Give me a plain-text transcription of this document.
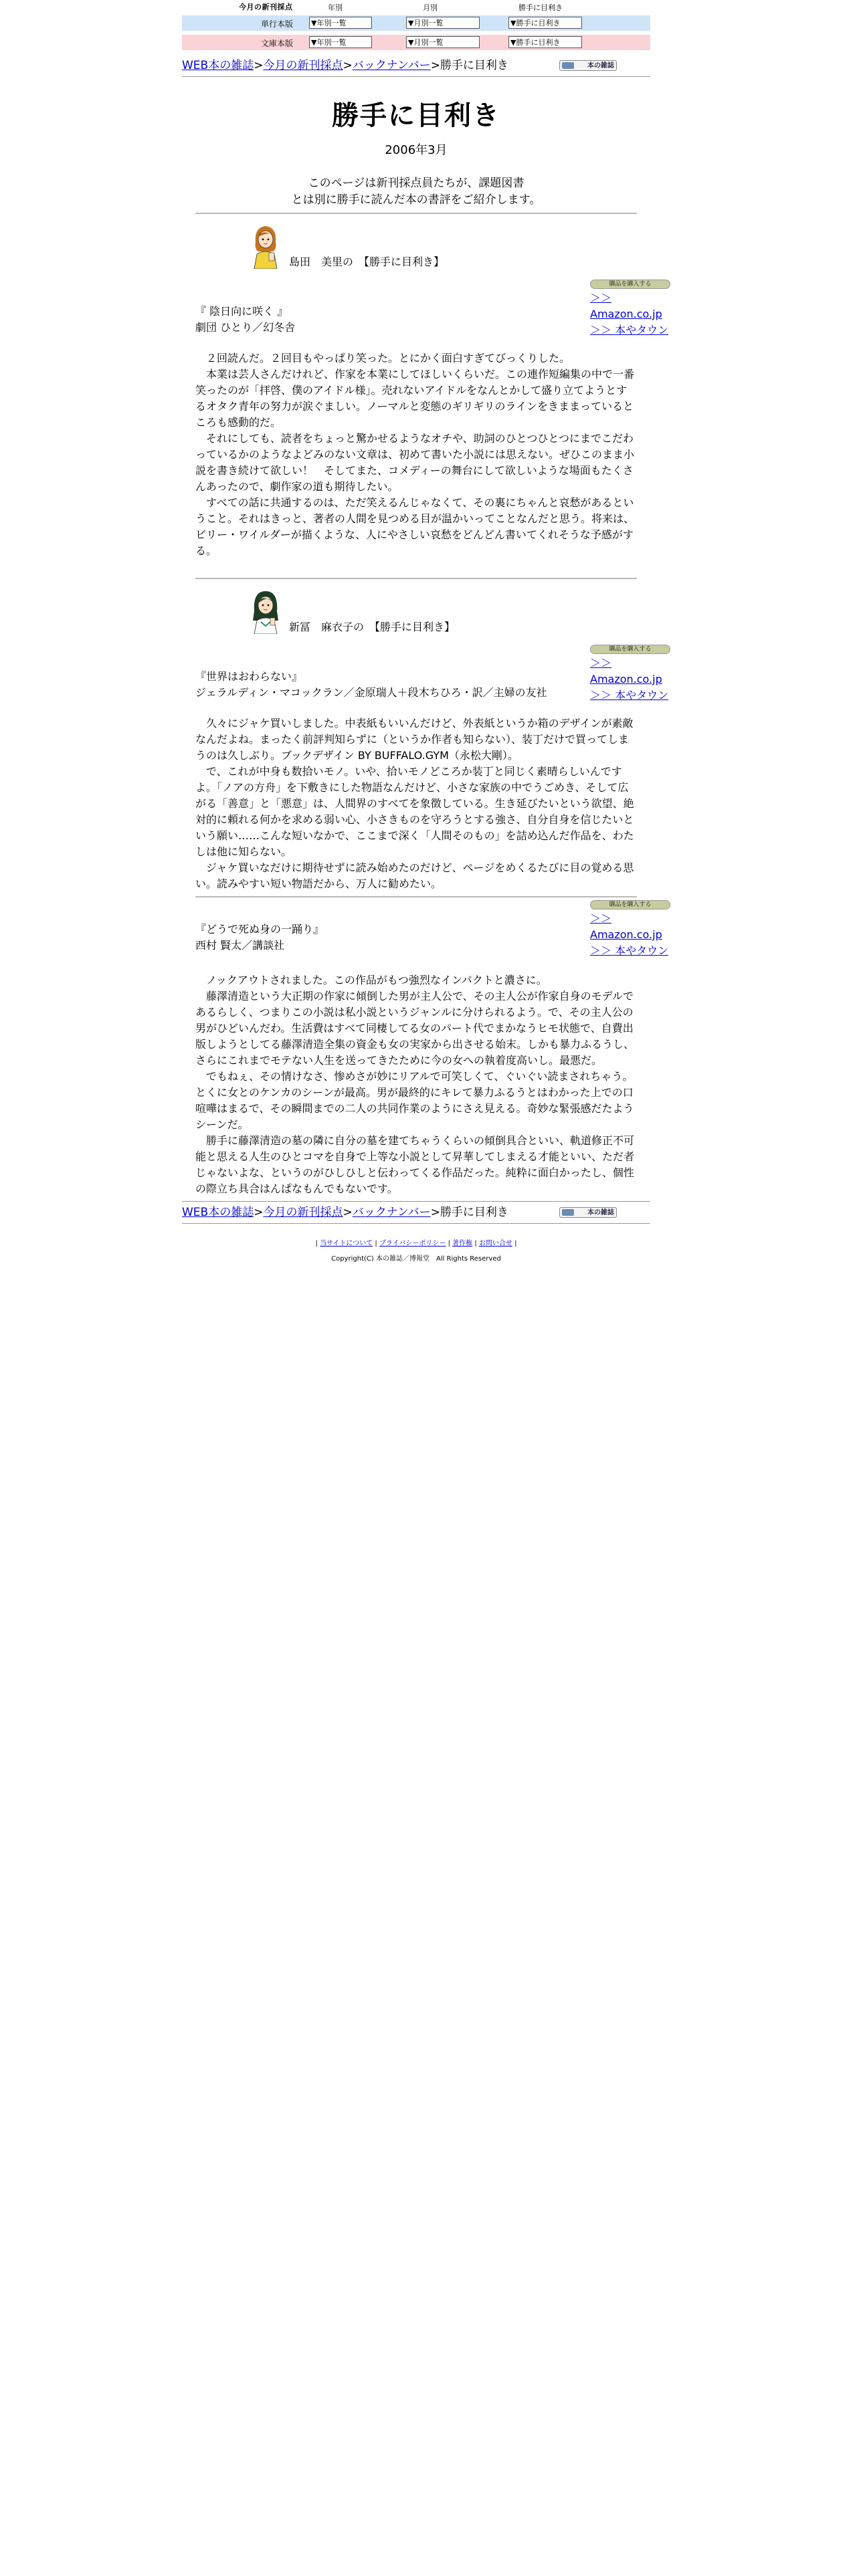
今月の新刊採点	年別	月別	勝手に目利き
単行本版 ▼年別一覧	▼月別一覧	▼勝手に目利き
文庫本版 ▼年別一覧	▼月別一覧	▼勝手に目利き
WEB本の雑誌>今月の新刊採点>バックナンバー>勝手に目利き	本の雑誌
勝手に目利き
2006年3月
このページは新刊採点員たちが、課題図書
とは別に勝手に読んだ本の書評をご紹介します。
島田　美里の　【勝手に目利き】
『 陰日向に咲く 』
劇団 ひとり／幻冬舎
購品を購入する
＞＞ Amazon.co.jp
＞＞ 本やタウン

２回読んだ。２回目もやっぱり笑った。とにかく面白すぎてびっくりした。

本業は芸人さんだけれど、作家を本業にしてほしいくらいだ。この連作短編集の中で一番笑ったのが「拝啓、僕のアイドル様」。売れないアイドルをなんとかして盛り立てようとするオタク青年の努力が涙ぐましい。ノーマルと変態のギリギリのラインをきままっているところも感動的だ。

それにしても、読者をちょっと驚かせるようなオチや、助詞のひとつひとつにまでこだわっているかのようなよどみのない文章は、初めて書いた小説には思えない。ぜひこのまま小説を書き続けて欲しい！　そしてまた、コメディーの舞台にして欲しいような場面もたくさんあったので、劇作家の道も期待したい。

すべての話に共通するのは、ただ笑えるんじゃなくて、その裏にちゃんと哀愁があるということ。それはきっと、著者の人間を見つめる目が温かいってことなんだと思う。将来は、ビリー・ワイルダーが描くような、人にやさしい哀愁をどんどん書いてくれそうな予感がする。

新冨　麻衣子の　【勝手に目利き】
『世界はおわらない』
ジェラルディン・マコックラン／金原瑞人＋段木ちひろ・訳／主婦の友社
購品を購入する
＞＞ Amazon.co.jp
＞＞ 本やタウン

久々にジャケ買いしました。中表紙もいいんだけど、外表紙というか箱のデザインが素敵なんだよね。まったく前評判知らずに（というか作者も知らない）、装丁だけで買ってしまうのは久しぶり。ブックデザイン BY BUFFALO.GYM（永松大剛）。

で、これが中身も数拾いモノ。いや、拾いモノどころか装丁と同じく素晴らしいんですよ。「ノアの方舟」を下敷きにした物語なんだけど、小さな家族の中でうごめき、そして広がる「善意」と「悪意」は、人間界のすべてを象徴している。生き延びたいという欲望、絶対的に頼れる何かを求める弱い心、小さきものを守ろうとする強さ、自分自身を信じたいという願い……こんな短いなかで、ここまで深く「人間そのもの」を詰め込んだ作品を、わたしは他に知らない。

ジャケ買いなだけに期待せずに読み始めたのだけど、ページをめくるたびに目の覚める思い。読みやすい短い物語だから、万人に勧めたい。

『どうで死ぬ身の一踊り』
西村 賢太／講談社
購品を購入する
＞＞ Amazon.co.jp
＞＞ 本やタウン

ノックアウトされました。この作品がもつ強烈なインパクトと濃さに。

藤澤清造という大正期の作家に傾倒した男が主人公で、その主人公が作家自身のモデルであるらしく、つまりこの小説は私小説というジャンルに分けられるよう。で、その主人公の男がひどいんだわ。生活費はすべて同棲してる女のパート代でまかなうヒモ状態で、自費出版しようとしてる藤澤清造全集の資金も女の実家から出させる始末。しかも暴力ふるうし、さらにこれまでモテない人生を送ってきたために今の女への執着度高いし。最悪だ。

でもねぇ、その情けなさ、惨めさが妙にリアルで可笑しくて、ぐいぐい読まされちゃう。とくに女とのケンカのシーンが最高。男が最終的にキレて暴力ふるうとはわかった上での口喧嘩はまるで、その瞬間までの二人の共同作業のようにさえ見える。奇妙な緊張感だたようシーンだ。

勝手に藤澤清造の墓の隣に自分の墓を建てちゃうくらいの傾倒具合といい、軌道修正不可能と思える人生のひとコマを自身で上等な小説として昇華してしまえる才能といい、ただ者じゃないよな、というのがひしひしと伝わってくる作品だった。純粋に面白かったし、個性の際立ち具合はんぱなもんでもないです。

WEB本の雑誌>今月の新刊採点>バックナンバー>勝手に目利き	本の雑誌
| 当サイトについて | プライバシーポリシー | 著作権 | お問い合せ |
Copyright(C) 本の雑誌／博報堂　All Rights Reserved
